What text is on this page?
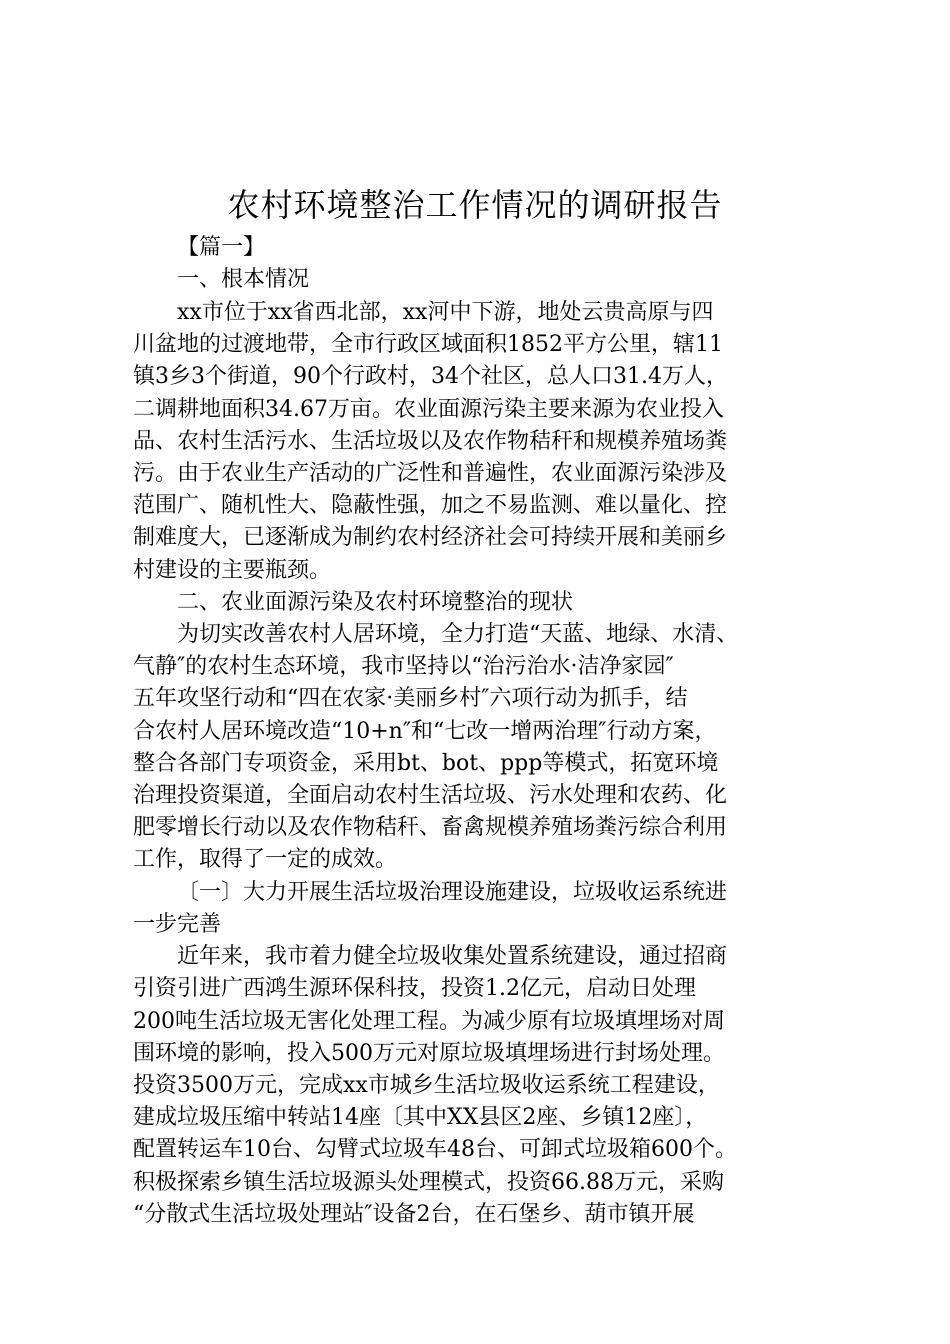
农村环境整治工作情况的调研报告

【篇一】

一、根本情况

xx市位于xx省西北部，xx河中下游，地处云贵高原与四

川盆地的过渡地带，全市行政区域面积1852平方公里，辖11

镇3乡3个街道，90个行政村，34个社区，总人口31.4万人，

二调耕地面积34.67万亩。农业面源污染主要来源为农业投入

品、农村生活污水、生活垃圾以及农作物秸秆和规模养殖场粪

污。由于农业生产活动的广泛性和普遍性，农业面源污染涉及

范围广、随机性大、隐蔽性强，加之不易监测、难以量化、控

制难度大，已逐渐成为制约农村经济社会可持续开展和美丽乡

村建设的主要瓶颈。

二、农业面源污染及农村环境整治的现状

为切实改善农村人居环境，全力打造“天蓝、地绿、水清、

气静″的农村生态环境，我市坚持以“治污治水·洁净家园″

五年攻坚行动和“四在农家·美丽乡村″六项行动为抓手，结

合农村人居环境改造“10+n″和“七改一增两治理″行动方案，

整合各部门专项资金，采用bt、bot、ppp等模式，拓宽环境

治理投资渠道，全面启动农村生活垃圾、污水处理和农药、化

肥零增长行动以及农作物秸秆、畜禽规模养殖场粪污综合利用

工作，取得了一定的成效。

〔一〕大力开展生活垃圾治理设施建设，垃圾收运系统进

一步完善

近年来，我市着力健全垃圾收集处置系统建设，通过招商

引资引进广西鸿生源环保科技，投资1.2亿元，启动日处理

200吨生活垃圾无害化处理工程。为减少原有垃圾填埋场对周

围环境的影响，投入500万元对原垃圾填埋场进行封场处理。

投资3500万元，完成xx市城乡生活垃圾收运系统工程建设，

建成垃圾压缩中转站14座〔其中XX县区2座、乡镇12座〕，

配置转运车10台、勾臂式垃圾车48台、可卸式垃圾箱600个。

积极探索乡镇生活垃圾源头处理模式，投资66.88万元，采购

“分散式生活垃圾处理站″设备2台，在石堡乡、葫市镇开展
